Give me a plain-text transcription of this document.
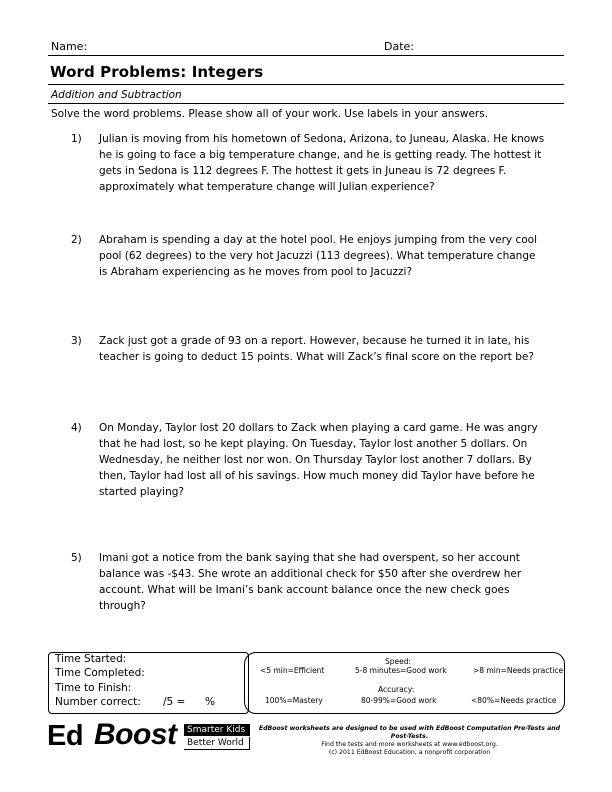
Name:	Date:
Word Problems: Integers
Addition and Subtraction
Solve the word problems. Please show all of your work. Use labels in your answers.
1)	Julian is moving from his hometown of Sedona, Arizona, to Juneau, Alaska. He knows he is going to face a big temperature change, and he is getting ready. The hottest it gets in Sedona is 112 degrees F. The hottest it gets in Juneau is 72 degrees F. approximately what temperature change will Julian experience?
2)	Abraham is spending a day at the hotel pool. He enjoys jumping from the very cool pool (62 degrees) to the very hot Jacuzzi (113 degrees). What temperature change is Abraham experiencing as he moves from pool to Jacuzzi?
3)	Zack just got a grade of 93 on a report. However, because he turned it in late, his teacher is going to deduct 15 points. What will Zack’s final score on the report be?
4)	On Monday, Taylor lost 20 dollars to Zack when playing a card game. He was angry that he had lost, so he kept playing. On Tuesday, Taylor lost another 5 dollars. On Wednesday, he neither lost nor won. On Thursday Taylor lost another 7 dollars. By then, Taylor had lost all of his savings. How much money did Taylor have before he started playing?
5)	Imani got a notice from the bank saying that she had overspent, so her account balance was -$43. She wrote an additional check for $50 after she overdrew her account. What will be Imani’s bank account balance once the new check goes through?
Time Started:
Time Completed:
Time to Finish:
Number correct: /5 = %
Speed:
<5 min=Efficient	5-8 minutes=Good work	>8 min=Needs practice
Accuracy:
100%=Mastery	80-99%=Good work	<80%=Needs practice
Ed Boost	Smarter Kids
Better World
EdBoost worksheets are designed to be used with EdBoost Computation Pre-Tests and Post-Tests.
Find the tests and more worksheets at www.edboost.org.
(c) 2011 EdBoost Education, a nonprofit corporation
